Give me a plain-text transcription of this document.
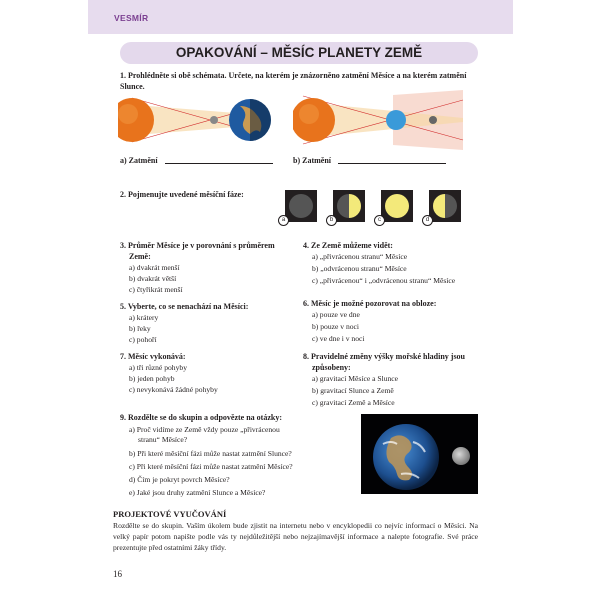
VESMÍR
OPAKOVÁNÍ – MĚSÍC PLANETY ZEMĚ
1. Prohlédněte si obě schémata. Určete, na kterém je znázorněno zatmění Měsíce a na kterém zatmění Slunce.
a) Zatmění	b) Zatmění
2. Pojmenujte uvedené měsíční fáze:
a	b	c	d
3. Průměr Měsíce je v porovnání s průměrem
Země:
a) dvakrát menší
b) dvakrát větší
c) čtyřikrát menší
4. Ze Země můžeme vidět:
a) „přivrácenou stranu“ Měsíce
b) „odvrácenou stranu“ Měsíce
c) „přivrácenou“ i „odvrácenou stranu“ Měsíce
5. Vyberte, co se nenachází na Měsíci:
a) krátery
b) řeky
c) pohoří
6. Měsíc je možné pozorovat na obloze:
a) pouze ve dne
b) pouze v noci
c) ve dne i v noci
7. Měsíc vykonává:
a) tři různé pohyby
b) jeden pohyb
c) nevykonává žádné pohyby
8. Pravidelné změny výšky mořské hladiny jsou
způsobeny:
a) gravitací Měsíce a Slunce
b) gravitací Slunce a Země
c) gravitací Země a Měsíce
9. Rozdělte se do skupin a odpovězte na otázky:
a) Proč vidíme ze Země vždy pouze „přivrácenou
stranu“ Měsíce?
b) Při které měsíční fázi může nastat zatmění Slunce?
c) Při které měsíční fázi může nastat zatmění Měsíce?
d) Čím je pokryt povrch Měsíce?
e) Jaké jsou druhy zatmění Slunce a Měsíce?
PROJEKTOVÉ VYUČOVÁNÍ
Rozdělte se do skupin. Vaším úkolem bude zjistit na internetu nebo v encyklopedii co nejvíc informací o Měsíci. Na velký papír potom napište podle vás ty nejdůležitější nebo nejzajímavější informace a nalepte fotografie. Své práce prezentujte před ostatními žáky třídy.
16
